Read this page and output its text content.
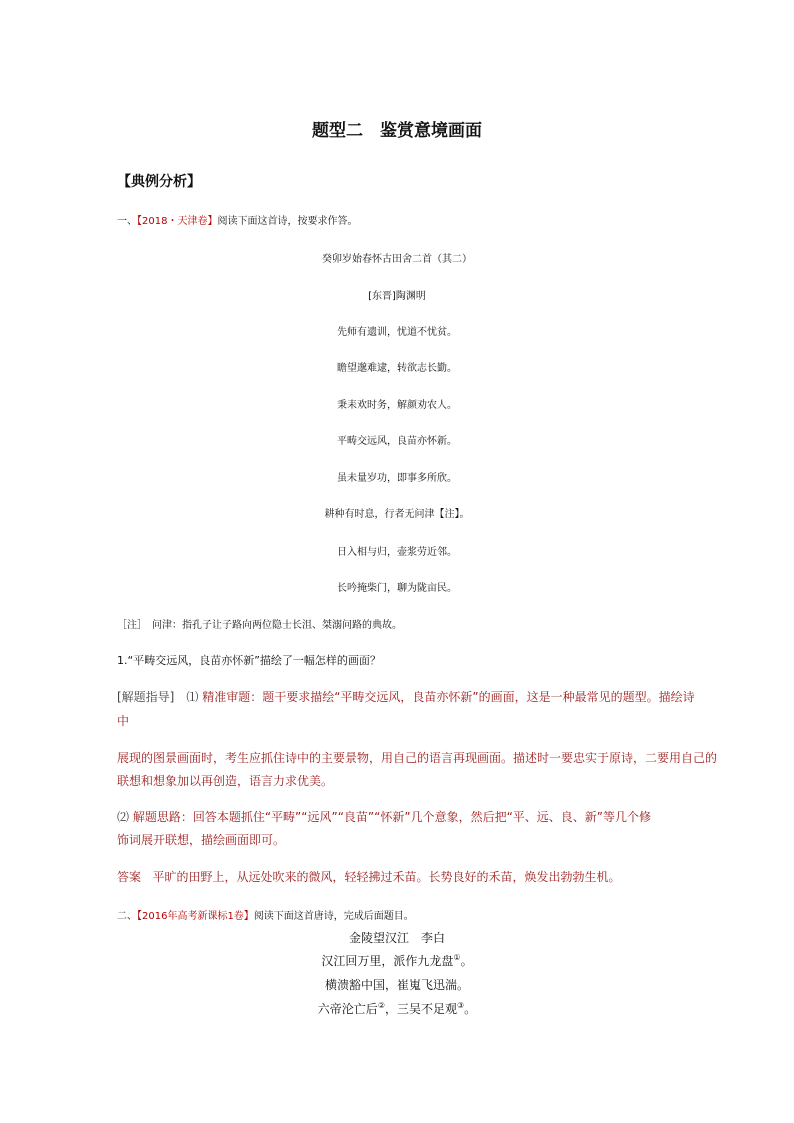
题型二　鉴赏意境画面
【典例分析】
一、【2018・天津卷】阅读下面这首诗，按要求作答。
癸卯岁始春怀古田舍二首（其二）
[东晋]陶渊明
先师有遗训，忧道不忧贫。
瞻望邈难逮，转欲志长勤。
秉耒欢时务，解颜劝农人。
平畴交远风，良苗亦怀新。
虽未量岁功，即事多所欣。
耕种有时息，行者无问津【注】。
日入相与归，壶浆劳近邻。
长吟掩柴门，聊为陇亩民。
［注］　问津：指孔子让子路向两位隐士长沮、桀溺问路的典故。
1.“平畴交远风，良苗亦怀新”描绘了一幅怎样的画面？
[解题指导]　⑴ 精准审题：题干要求描绘“平畴交远风，良苗亦怀新”的画面，这是一种最常见的题型。描绘诗
中
展现的图景画面时，考生应抓住诗中的主要景物，用自己的语言再现画面。描述时一要忠实于原诗，二要用自己的
联想和想象加以再创造，语言力求优美。
⑵ 解题思路：回答本题抓住“平畴”“远风”“良苗”“怀新”几个意象，然后把“平、远、良、新”等几个修
饰词展开联想，描绘画面即可。
答案 平旷的田野上，从远处吹来的微风，轻轻拂过禾苗。长势良好的禾苗，焕发出勃勃生机。
二、【2016年高考新课标1卷】阅读下面这首唐诗，完成后面题目。
金陵望汉江　李白
汉江回万里，派作九龙盘①。
横溃豁中国，崔嵬飞迅湍。
六帝沦亡后②，三吴不足观③。
